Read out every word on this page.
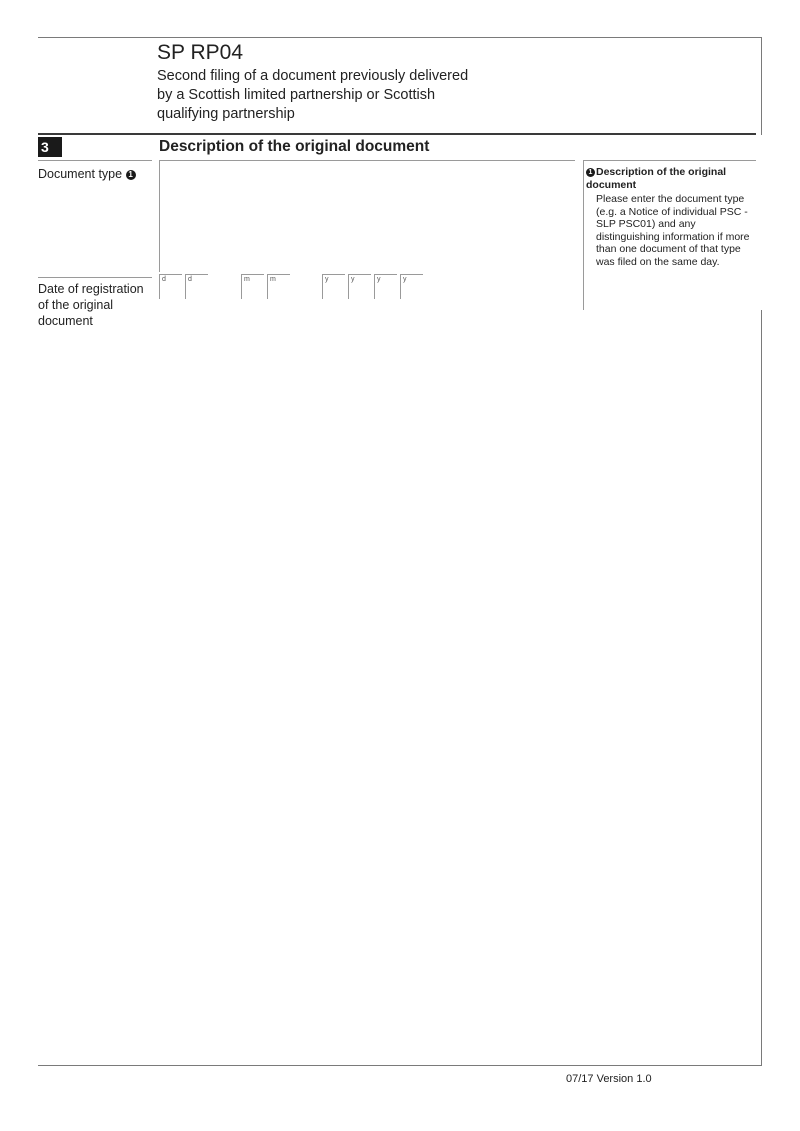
SP RP04
Second filing of a document previously delivered by a Scottish limited partnership or Scottish qualifying partnership
3	Description of the original document
Document type 1
Date of registration of the original document
d	d	m	m	y	y	y	y
1 Description of the original document
Please enter the document type (e.g. a Notice of individual PSC - SLP PSC01) and any distinguishing information if more than one document of that type was filed on the same day.
07/17 Version 1.0
